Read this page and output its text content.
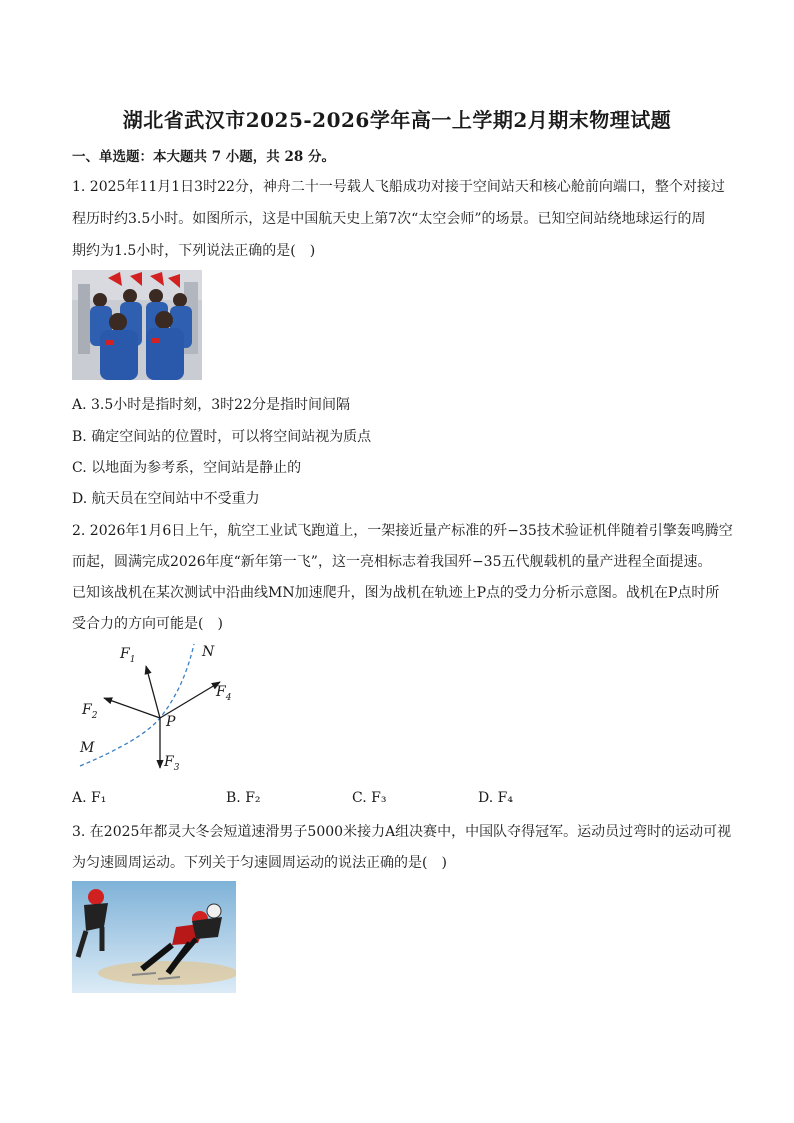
湖北省武汉市2025-2026学年高一上学期2月期末物理试题
一、单选题：本大题共 7 小题，共 28 分。
1. 2025年11月1日3时22分，神舟二十一号载人飞船成功对接于空间站天和核心舱前向端口，整个对接过
程历时约3.5小时。如图所示，这是中国航天史上第7次“太空会师”的场景。已知空间站绕地球运行的周
期约为1.5小时，下列说法正确的是(　)
A. 3.5小时是指时刻，3时22分是指时间间隔
B. 确定空间站的位置时，可以将空间站视为质点
C. 以地面为参考系，空间站是静止的
D. 航天员在空间站中不受重力
2. 2026年1月6日上午，航空工业试飞跑道上，一架接近量产标准的歼−35技术验证机伴随着引擎轰鸣腾空
而起，圆满完成2026年度“新年第一飞”，这一亮相标志着我国歼−35五代舰载机的量产进程全面提速。
已知该战机在某次测试中沿曲线MN加速爬升，图为战机在轨迹上P点的受力分析示意图。战机在P点时所
受合力的方向可能是(　)
$F_1$
$F_2$
$F_3$
$F_4$
N
M
P
A. F₁	B. F₂	C. F₃	D. F₄
3. 在2025年都灵大冬会短道速滑男子5000米接力A组决赛中，中国队夺得冠军。运动员过弯时的运动可视
为匀速圆周运动。下列关于匀速圆周运动的说法正确的是(　)
